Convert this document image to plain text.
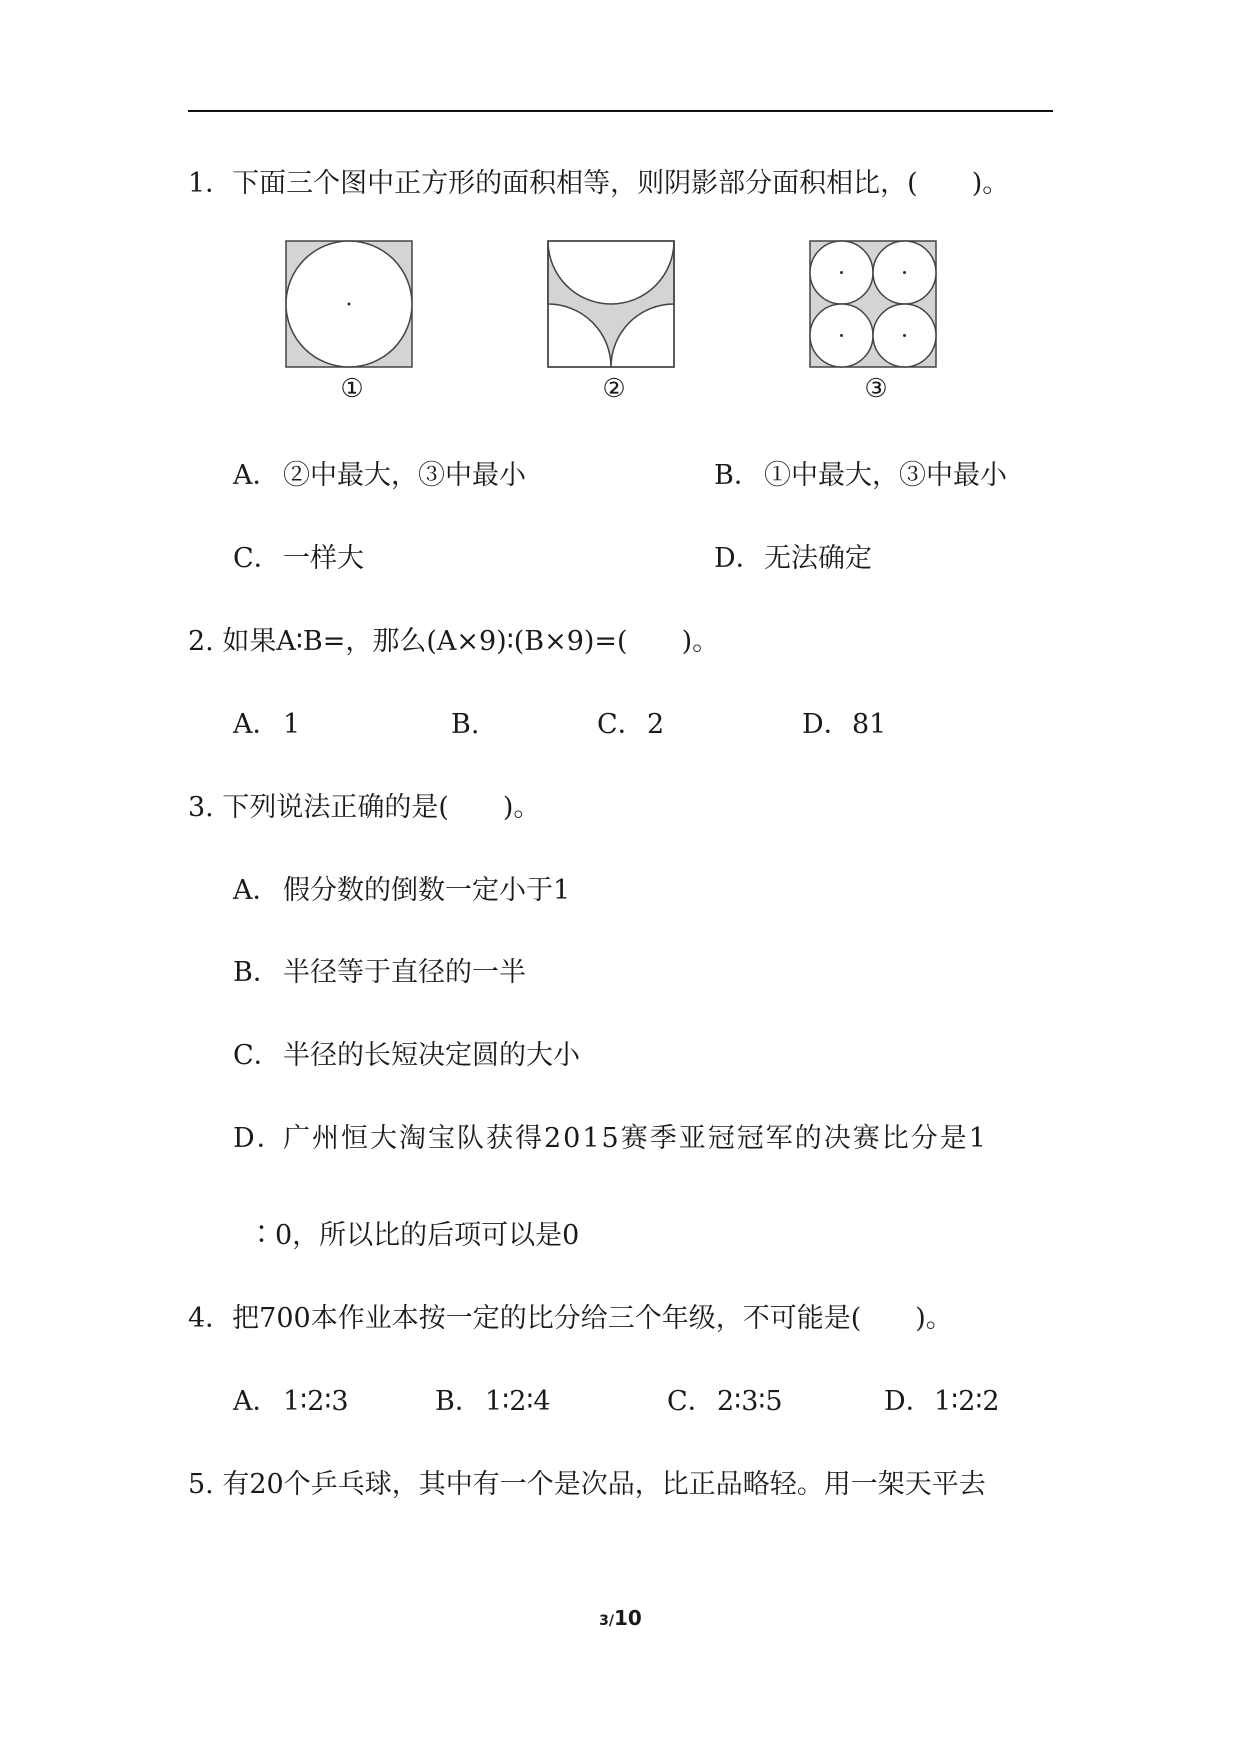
1．下面三个图中正方形的面积相等，则阴影部分面积相比，(　　)。
①	②	③
A． ②中最大，③中最小	B． ①中最大，③中最小
C．一样大	D．无法确定
2. 如果A∶B=，那么(A×9)∶(B×9)=(　　)。
A． 1	B.	C．2	D．81
3. 下列说法正确的是(　　)。
A． 假分数的倒数一定小于1
B． 半径等于直径的一半
C．半径的长短决定圆的大小
D．广州恒大淘宝队获得2015赛季亚冠冠军的决赛比分是1
∶0，所以比的后项可以是0
4．把700本作业本按一定的比分给三个年级，不可能是(　　)。
A． 1∶2∶3	B． 1∶2∶4	C．2∶3∶5	D．1∶2∶2
5. 有20个乒乓球，其中有一个是次品，比正品略轻。用一架天平去
3/10
